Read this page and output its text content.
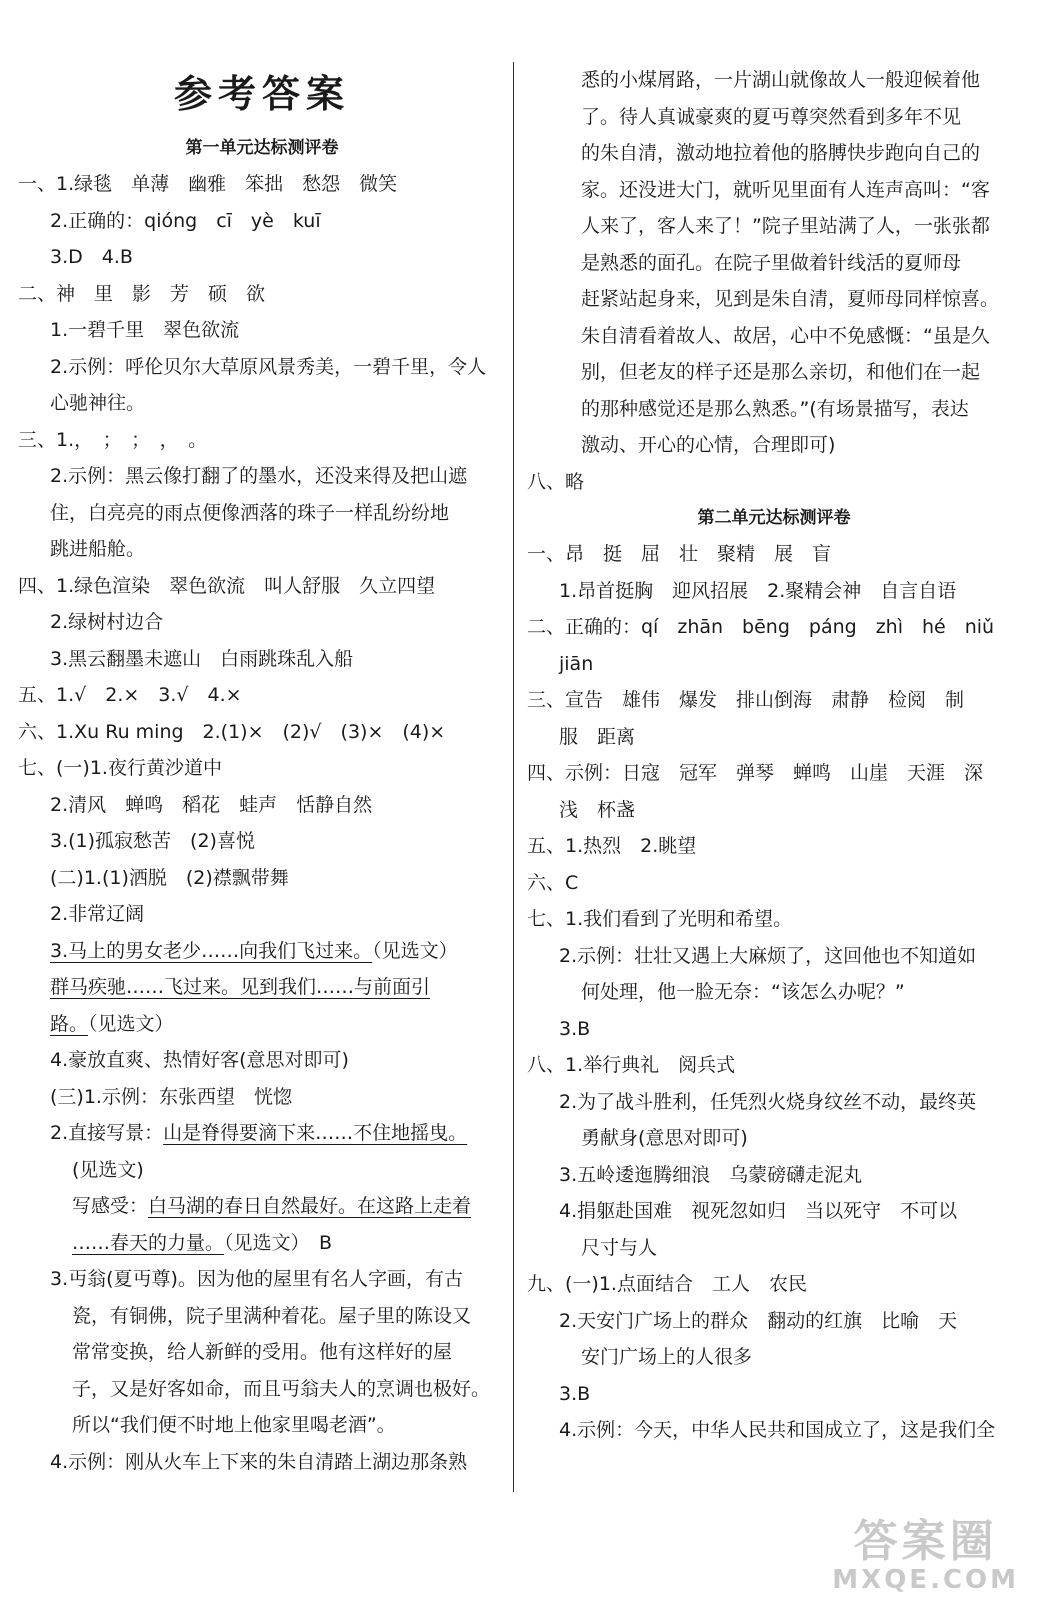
参考答案
第一单元达标测评卷
一、1.绿毯　单薄　幽雅　笨拙　愁怨　微笑
2.正确的：qióng　cī　yè　kuī
3.D　4.B
二、神　里　影　芳　硕　欲
1.一碧千里　翠色欲流
2.示例：呼伦贝尔大草原风景秀美，一碧千里，令人
心驰神往。
三、1.，　；　；　，　。
2.示例：黑云像打翻了的墨水，还没来得及把山遮
住，白亮亮的雨点便像洒落的珠子一样乱纷纷地
跳进船舱。
四、1.绿色渲染　翠色欲流　叫人舒服　久立四望
2.绿树村边合
3.黑云翻墨未遮山　白雨跳珠乱入船
五、1.√　2.×　3.√　4.×
六、1.Xu Ru ming　2.(1)×　(2)√　(3)×　(4)×
七、(一)1.夜行黄沙道中
2.清风　蝉鸣　稻花　蛙声　恬静自然
3.(1)孤寂愁苦　(2)喜悦
(二)1.(1)洒脱　(2)襟飘带舞
2.非常辽阔
3.马上的男女老少……向我们飞过来。（见选文）
群马疾驰……飞过来。见到我们……与前面引
路。（见选文）
4.豪放直爽、热情好客(意思对即可)
(三)1.示例：东张西望　恍惚
2.直接写景：山是脊得要滴下来……不住地摇曳。
(见选文)
写感受：白马湖的春日自然最好。在这路上走着
……春天的力量。（见选文）　B
3.丏翁(夏丏尊)。因为他的屋里有名人字画，有古
瓷，有铜佛，院子里满种着花。屋子里的陈设又
常常变换，给人新鲜的受用。他有这样好的屋
子，又是好客如命，而且丏翁夫人的烹调也极好。
所以“我们便不时地上他家里喝老酒”。
4.示例：刚从火车上下来的朱自清踏上湖边那条熟
悉的小煤屑路，一片湖山就像故人一般迎候着他
了。待人真诚豪爽的夏丏尊突然看到多年不见
的朱自清，激动地拉着他的胳膊快步跑向自己的
家。还没进大门，就听见里面有人连声高叫：“客
人来了，客人来了！”院子里站满了人，一张张都
是熟悉的面孔。在院子里做着针线活的夏师母
赶紧站起身来，见到是朱自清，夏师母同样惊喜。
朱自清看着故人、故居，心中不免感慨：“虽是久
别，但老友的样子还是那么亲切，和他们在一起
的那种感觉还是那么熟悉。”(有场景描写，表达
激动、开心的心情，合理即可)
八、略
第二单元达标测评卷
一、昂　挺　屈　壮　聚精　展　盲
1.昂首挺胸　迎风招展　2.聚精会神　自言自语
二、正确的：qí　zhān　bēng　páng　zhì　hé　niǔ
jiān
三、宣告　雄伟　爆发　排山倒海　肃静　检阅　制
服　距离
四、示例：日寇　冠军　弹琴　蝉鸣　山崖　天涯　深
浅　杯盏
五、1.热烈　2.眺望
六、C
七、1.我们看到了光明和希望。
2.示例：壮壮又遇上大麻烦了，这回他也不知道如
何处理，他一脸无奈：“该怎么办呢？”
3.B
八、1.举行典礼　阅兵式
2.为了战斗胜利，任凭烈火烧身纹丝不动，最终英
勇献身(意思对即可)
3.五岭逶迤腾细浪　乌蒙磅礴走泥丸
4.捐躯赴国难　视死忽如归　当以死守　不可以
尺寸与人
九、(一)1.点面结合　工人　农民
2.天安门广场上的群众　翻动的红旗　比喻　天
安门广场上的人很多
3.B
4.示例：今天，中华人民共和国成立了，这是我们全
答案圈
MXQE.COM
